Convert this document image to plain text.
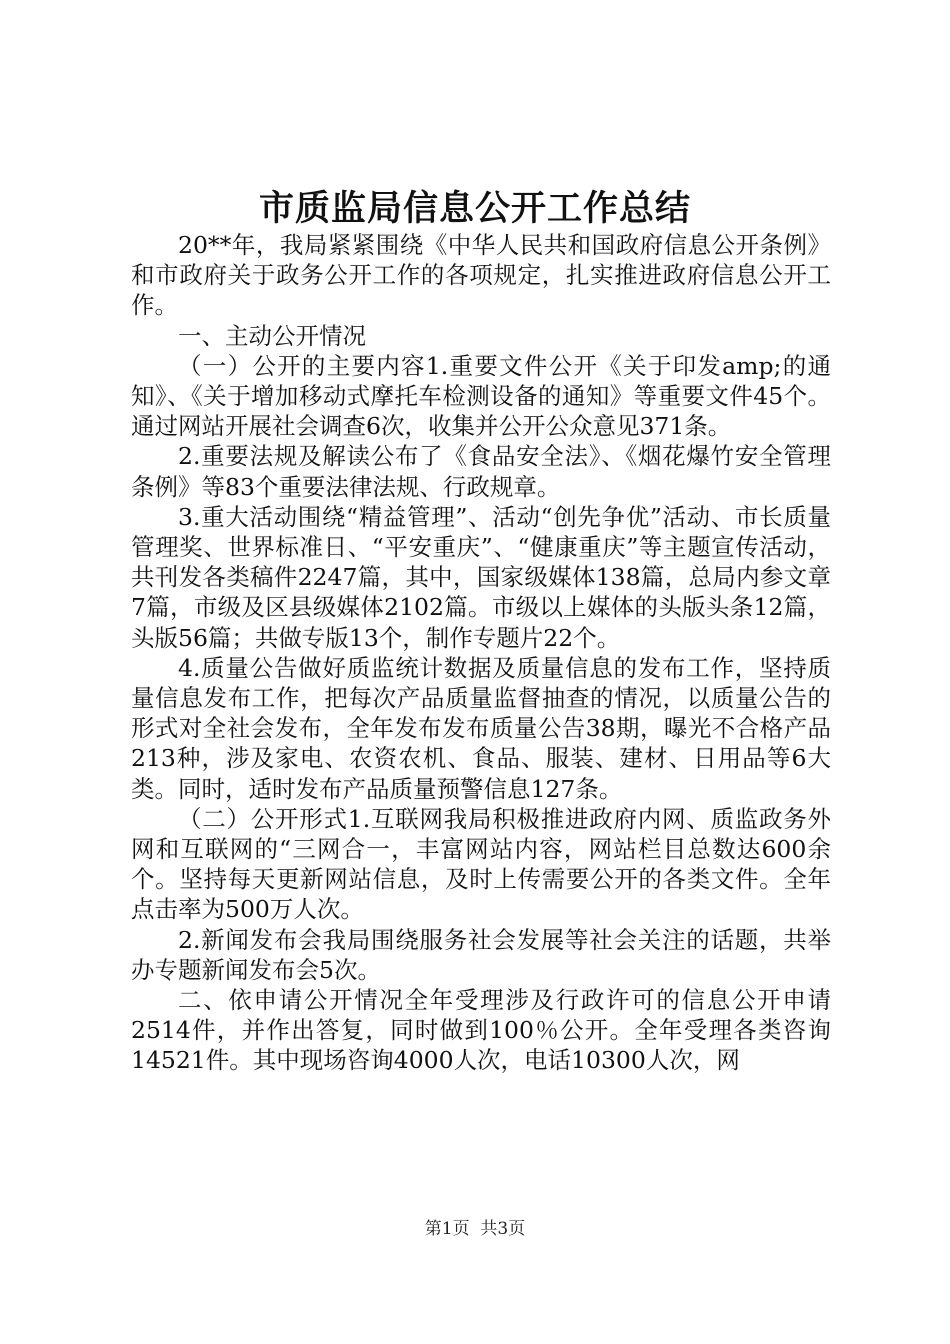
市质监局信息公开工作总结

20**年，我局紧紧围绕《中华人民共和国政府信息公开条例》和市政府关于政务公开工作的各项规定，扎实推进政府信息公开工作。

一、主动公开情况

（一）公开的主要内容1.重要文件公开《关于印发amp;的通知》、《关于增加移动式摩托车检测设备的通知》等重要文件45个。通过网站开展社会调查6次，收集并公开公众意见371条。

2.重要法规及解读公布了《食品安全法》、《烟花爆竹安全管理条例》等83个重要法律法规、行政规章。

3.重大活动围绕“精益管理”、活动“创先争优”活动、市长质量管理奖、世界标准日、“平安重庆”、“健康重庆”等主题宣传活动，共刊发各类稿件2247篇，其中，国家级媒体138篇，总局内参文章7篇，市级及区县级媒体2102篇。市级以上媒体的头版头条12篇，头版56篇；共做专版13个，制作专题片22个。

4.质量公告做好质监统计数据及质量信息的发布工作，坚持质量信息发布工作，把每次产品质量监督抽查的情况，以质量公告的形式对全社会发布，全年发布发布质量公告38期，曝光不合格产品213种，涉及家电、农资农机、食品、服装、建材、日用品等6大类。同时，适时发布产品质量预警信息127条。

（二）公开形式1.互联网我局积极推进政府内网、质监政务外网和互联网的“三网合一，丰富网站内容，网站栏目总数达600余个。坚持每天更新网站信息，及时上传需要公开的各类文件。全年点击率为500万人次。

2.新闻发布会我局围绕服务社会发展等社会关注的话题，共举办专题新闻发布会5次。

二、依申请公开情况全年受理涉及行政许可的信息公开申请2514件，并作出答复，同时做到100％公开。全年受理各类咨询14521件。其中现场咨询4000人次，电话10300人次，网

第1页 共3页
